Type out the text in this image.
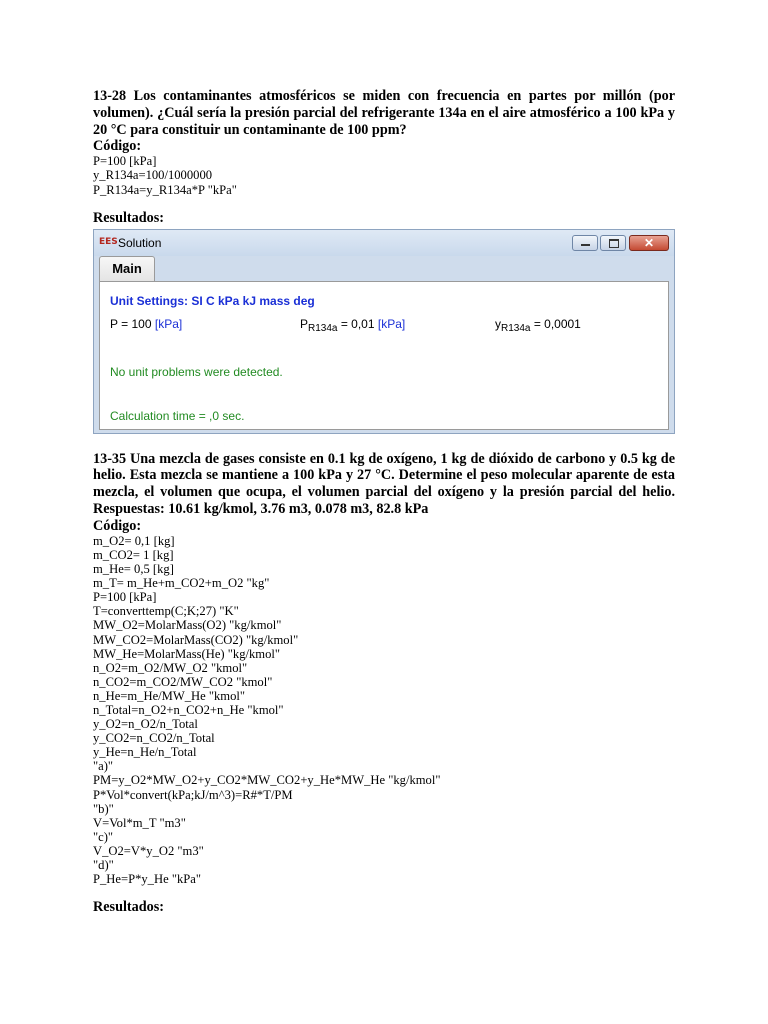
13-28 Los contaminantes atmosféricos se miden con frecuencia en partes por millón (por volumen). ¿Cuál sería la presión parcial del refrigerante 134a en el aire atmosférico a 100 kPa y 20 °C para constituir un contaminante de 100 ppm?
Código:
P=100 [kPa]
y_R134a=100/1000000
P_R134a=y_R134a*P "kPa"
Resultados:
EES Solution	✕
Main
Unit Settings: SI C kPa kJ mass deg
P = 100 [kPa]	$P_{R134a} = 0,01$ [kPa]	$y_{R134a} = 0,0001$
No unit problems were detected.
Calculation time = ,0 sec.
13-35 Una mezcla de gases consiste en 0.1 kg de oxígeno, 1 kg de dióxido de carbono y 0.5 kg de helio. Esta mezcla se mantiene a 100 kPa y 27 °C. Determine el peso molecular aparente de esta mezcla, el volumen que ocupa, el volumen parcial del oxígeno y la presión parcial del helio. Respuestas: 10.61 kg/kmol, 3.76 m3, 0.078 m3, 82.8 kPa
Código:
m_O2= 0,1 [kg]
m_CO2= 1 [kg]
m_He= 0,5 [kg]
m_T= m_He+m_CO2+m_O2 "kg"
P=100 [kPa]
T=converttemp(C;K;27) "K"
MW_O2=MolarMass(O2) "kg/kmol"
MW_CO2=MolarMass(CO2) "kg/kmol"
MW_He=MolarMass(He) "kg/kmol"
n_O2=m_O2/MW_O2 "kmol"
n_CO2=m_CO2/MW_CO2 "kmol"
n_He=m_He/MW_He "kmol"
n_Total=n_O2+n_CO2+n_He "kmol"
y_O2=n_O2/n_Total
y_CO2=n_CO2/n_Total
y_He=n_He/n_Total
"a)"
PM=y_O2*MW_O2+y_CO2*MW_CO2+y_He*MW_He "kg/kmol"
P*Vol*convert(kPa;kJ/m^3)=R#*T/PM
"b)"
V=Vol*m_T "m3"
"c)"
V_O2=V*y_O2 "m3"
"d)"
P_He=P*y_He "kPa"
Resultados:
